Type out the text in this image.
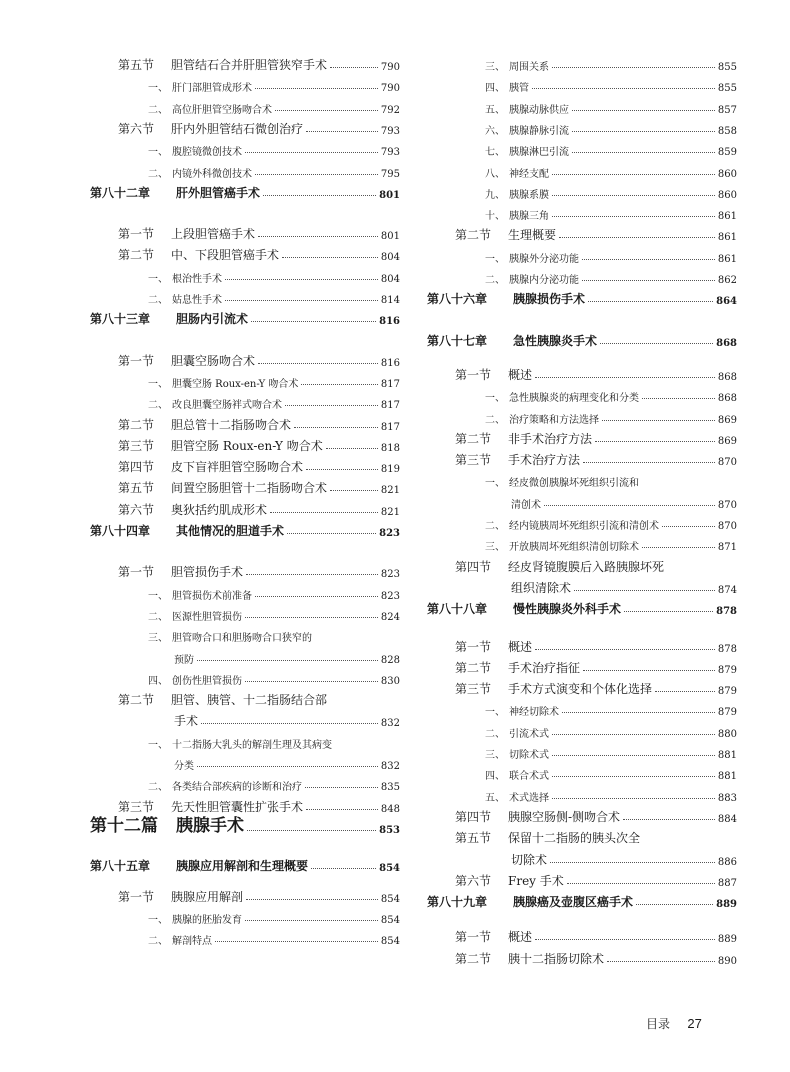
第五节	胆管结石合并肝胆管狭窄手术	790
一、 肝门部胆管成形术	790
二、 高位肝胆管空肠吻合术	792
第六节	肝内外胆管结石微创治疗	793
一、 腹腔镜微创技术	793
二、 内镜外科微创技术	795
第八十二章	肝外胆管癌手术	801
第一节	上段胆管癌手术	801
第二节	中、下段胆管癌手术	804
一、 根治性手术	804
二、 姑息性手术	814
第八十三章	胆肠内引流术	816
第一节	胆囊空肠吻合术	816
一、 胆囊空肠 Roux-en-Y 吻合术	817
二、 改良胆囊空肠袢式吻合术	817
第二节	胆总管十二指肠吻合术	817
第三节	胆管空肠 Roux-en-Y 吻合术	818
第四节	皮下盲袢胆管空肠吻合术	819
第五节	间置空肠胆管十二指肠吻合术	821
第六节	奥狄括约肌成形术	821
第八十四章	其他情况的胆道手术	823
第一节	胆管损伤手术	823
一、 胆管损伤术前准备	823
二、 医源性胆管损伤	824
三、 胆管吻合口和胆肠吻合口狭窄的
预防	828
四、 创伤性胆管损伤	830
第二节	胆管、胰管、十二指肠结合部
手术	832
一、 十二指肠大乳头的解剖生理及其病变
分类	832
二、 各类结合部疾病的诊断和治疗	835
第三节	先天性胆管囊性扩张手术	848
第十二篇	胰腺手术	853
第八十五章	胰腺应用解剖和生理概要	854
第一节	胰腺应用解剖	854
一、 胰腺的胚胎发育	854
二、 解剖特点	854
三、 周围关系	855
四、 胰管	855
五、 胰腺动脉供应	857
六、 胰腺静脉引流	858
七、 胰腺淋巴引流	859
八、 神经支配	860
九、 胰腺系膜	860
十、 胰腺三角	861
第二节	生理概要	861
一、 胰腺外分泌功能	861
二、 胰腺内分泌功能	862
第八十六章	胰腺损伤手术	864
第八十七章	急性胰腺炎手术	868
第一节	概述	868
一、 急性胰腺炎的病理变化和分类	868
二、 治疗策略和方法选择	869
第二节	非手术治疗方法	869
第三节	手术治疗方法	870
一、 经皮微创胰腺坏死组织引流和
清创术	870
二、 经内镜胰周坏死组织引流和清创术	870
三、 开放胰周坏死组织清创切除术	871
第四节	经皮肾镜腹膜后入路胰腺坏死
组织清除术	874
第八十八章	慢性胰腺炎外科手术	878
第一节	概述	878
第二节	手术治疗指征	879
第三节	手术方式演变和个体化选择	879
一、 神经切除术	879
二、 引流术式	880
三、 切除术式	881
四、 联合术式	881
五、 术式选择	883
第四节	胰腺空肠侧-侧吻合术	884
第五节	保留十二指肠的胰头次全
切除术	886
第六节	Frey 手术	887
第八十九章	胰腺癌及壶腹区癌手术	889
第一节	概述	889
第二节	胰十二指肠切除术	890
目录 27
